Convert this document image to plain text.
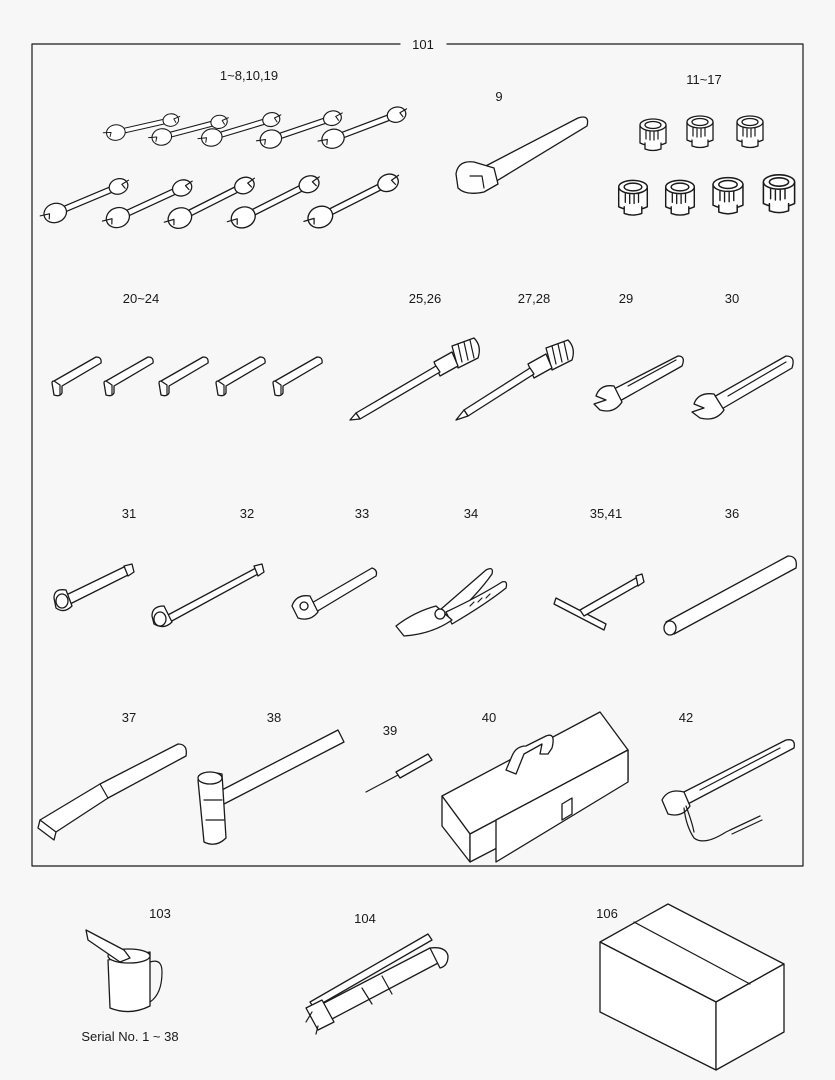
101
1~8,10,19
9
11~17
20~24	25,26	27,28	29	30
31	32	33	34	35,41	36
37	38
39
40	42
103	104	106
Serial No. 1 ~ 38
